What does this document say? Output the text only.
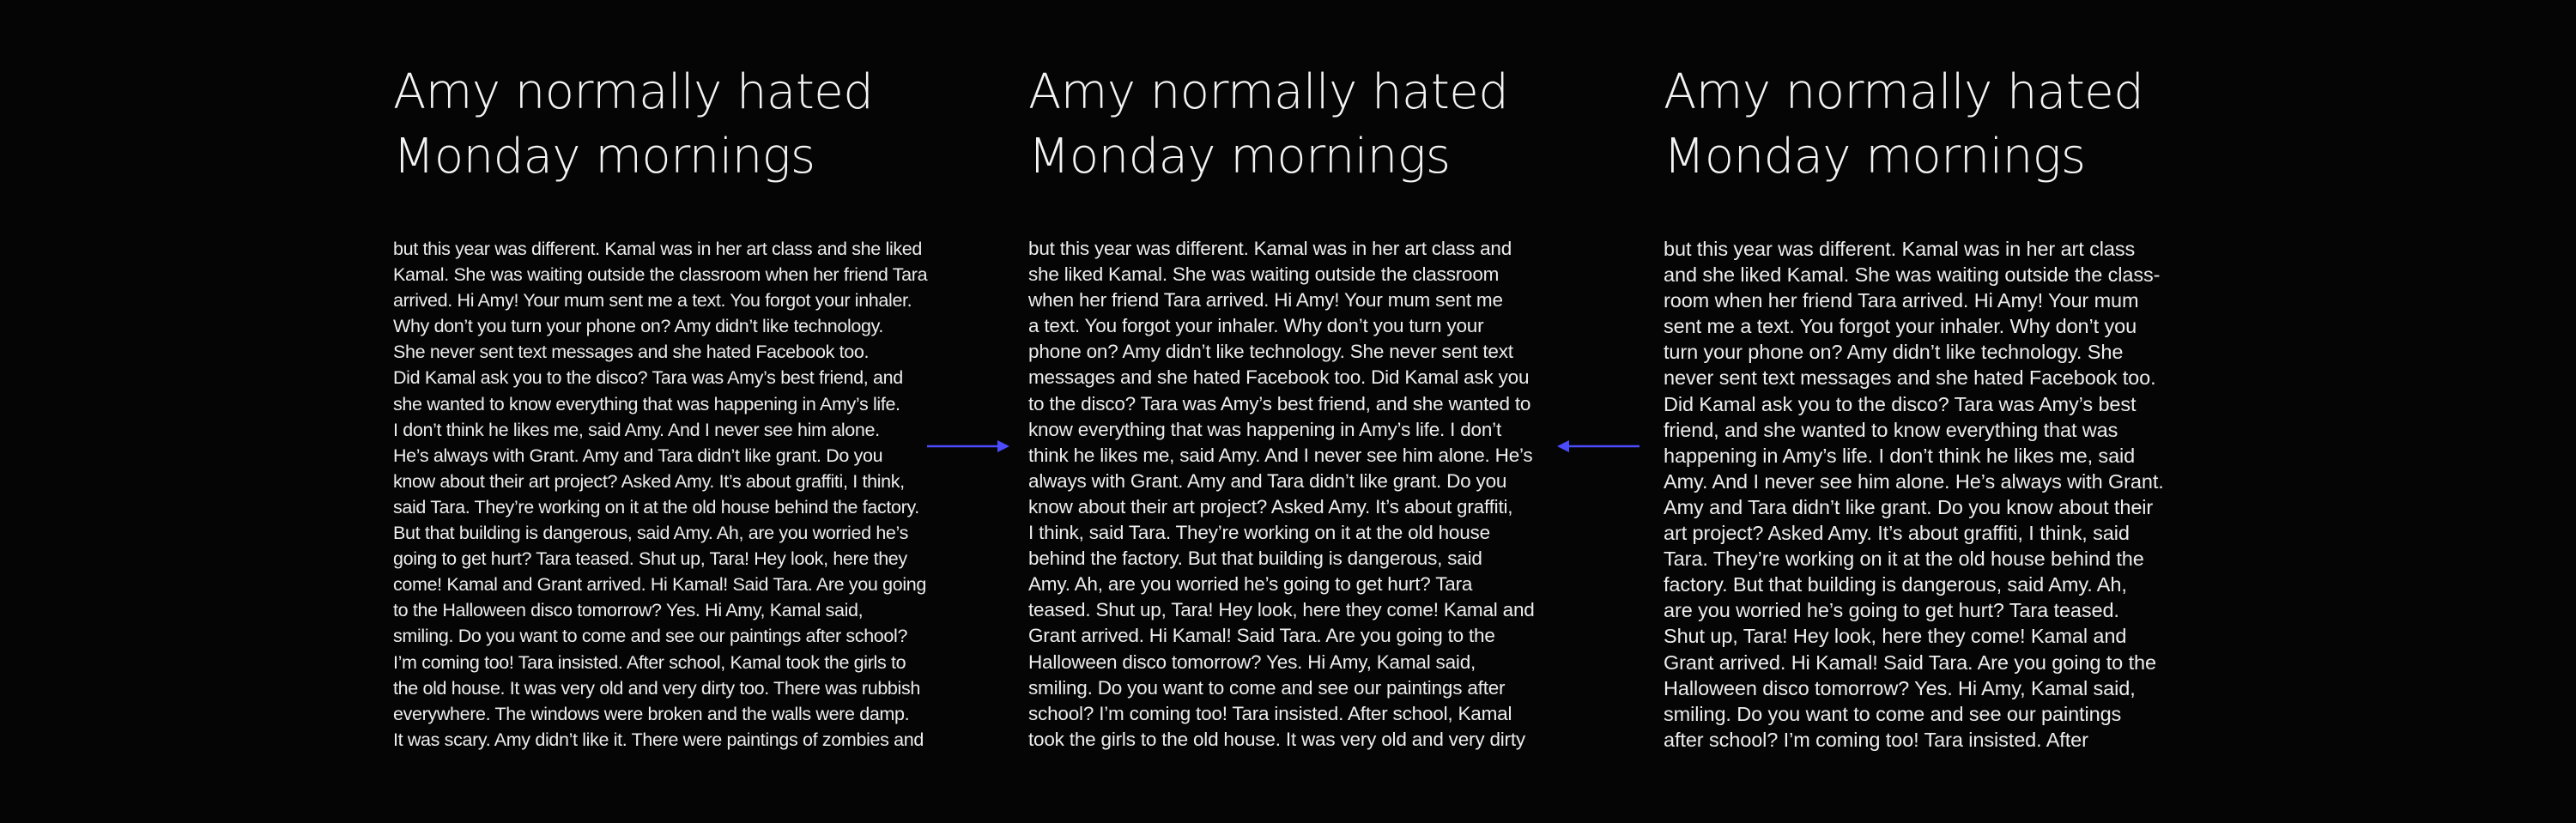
Amy normally hated
Monday mornings
but this year was different. Kamal was in her art class and she liked
Kamal. She was waiting outside the classroom when her friend Tara
arrived. Hi Amy! Your mum sent me a text. You forgot your inhaler.
Why don’t you turn your phone on? Amy didn’t like technology.
She never sent text messages and she hated Facebook too.
Did Kamal ask you to the disco? Tara was Amy’s best friend, and
she wanted to know everything that was happening in Amy’s life.
I don’t think he likes me, said Amy. And I never see him alone.
He’s always with Grant. Amy and Tara didn’t like grant. Do you
know about their art project? Asked Amy. It’s about graffiti, I think,
said Tara. They’re working on it at the old house behind the factory.
But that building is dangerous, said Amy. Ah, are you worried he’s
going to get hurt? Tara teased. Shut up, Tara! Hey look, here they
come! Kamal and Grant arrived. Hi Kamal! Said Tara. Are you going
to the Halloween disco tomorrow? Yes. Hi Amy, Kamal said,
smiling. Do you want to come and see our paintings after school?
I’m coming too! Tara insisted. After school, Kamal took the girls to
the old house. It was very old and very dirty too. There was rubbish
everywhere. The windows were broken and the walls were damp.
It was scary. Amy didn’t like it. There were paintings of zombies and
Amy normally hated
Monday mornings
but this year was different. Kamal was in her art class and
she liked Kamal. She was waiting outside the classroom
when her friend Tara arrived. Hi Amy! Your mum sent me
a text. You forgot your inhaler. Why don’t you turn your
phone on? Amy didn’t like technology. She never sent text
messages and she hated Facebook too. Did Kamal ask you
to the disco? Tara was Amy’s best friend, and she wanted to
know everything that was happening in Amy’s life. I don’t
think he likes me, said Amy. And I never see him alone. He’s
always with Grant. Amy and Tara didn’t like grant. Do you
know about their art project? Asked Amy. It’s about graffiti,
I think, said Tara. They’re working on it at the old house
behind the factory. But that building is dangerous, said
Amy. Ah, are you worried he’s going to get hurt? Tara
teased. Shut up, Tara! Hey look, here they come! Kamal and
Grant arrived. Hi Kamal! Said Tara. Are you going to the
Halloween disco tomorrow? Yes. Hi Amy, Kamal said,
smiling. Do you want to come and see our paintings after
school? I’m coming too! Tara insisted. After school, Kamal
took the girls to the old house. It was very old and very dirty
Amy normally hated
Monday mornings
but this year was different. Kamal was in her art class
and she liked Kamal. She was waiting outside the class-
room when her friend Tara arrived. Hi Amy! Your mum
sent me a text. You forgot your inhaler. Why don’t you
turn your phone on? Amy didn’t like technology. She
never sent text messages and she hated Facebook too.
Did Kamal ask you to the disco? Tara was Amy’s best
friend, and she wanted to know everything that was
happening in Amy’s life. I don’t think he likes me, said
Amy. And I never see him alone. He’s always with Grant.
Amy and Tara didn’t like grant. Do you know about their
art project? Asked Amy. It’s about graffiti, I think, said
Tara. They’re working on it at the old house behind the
factory. But that building is dangerous, said Amy. Ah,
are you worried he’s going to get hurt? Tara teased.
Shut up, Tara! Hey look, here they come! Kamal and
Grant arrived. Hi Kamal! Said Tara. Are you going to the
Halloween disco tomorrow? Yes. Hi Amy, Kamal said,
smiling. Do you want to come and see our paintings
after school? I’m coming too! Tara insisted. After
